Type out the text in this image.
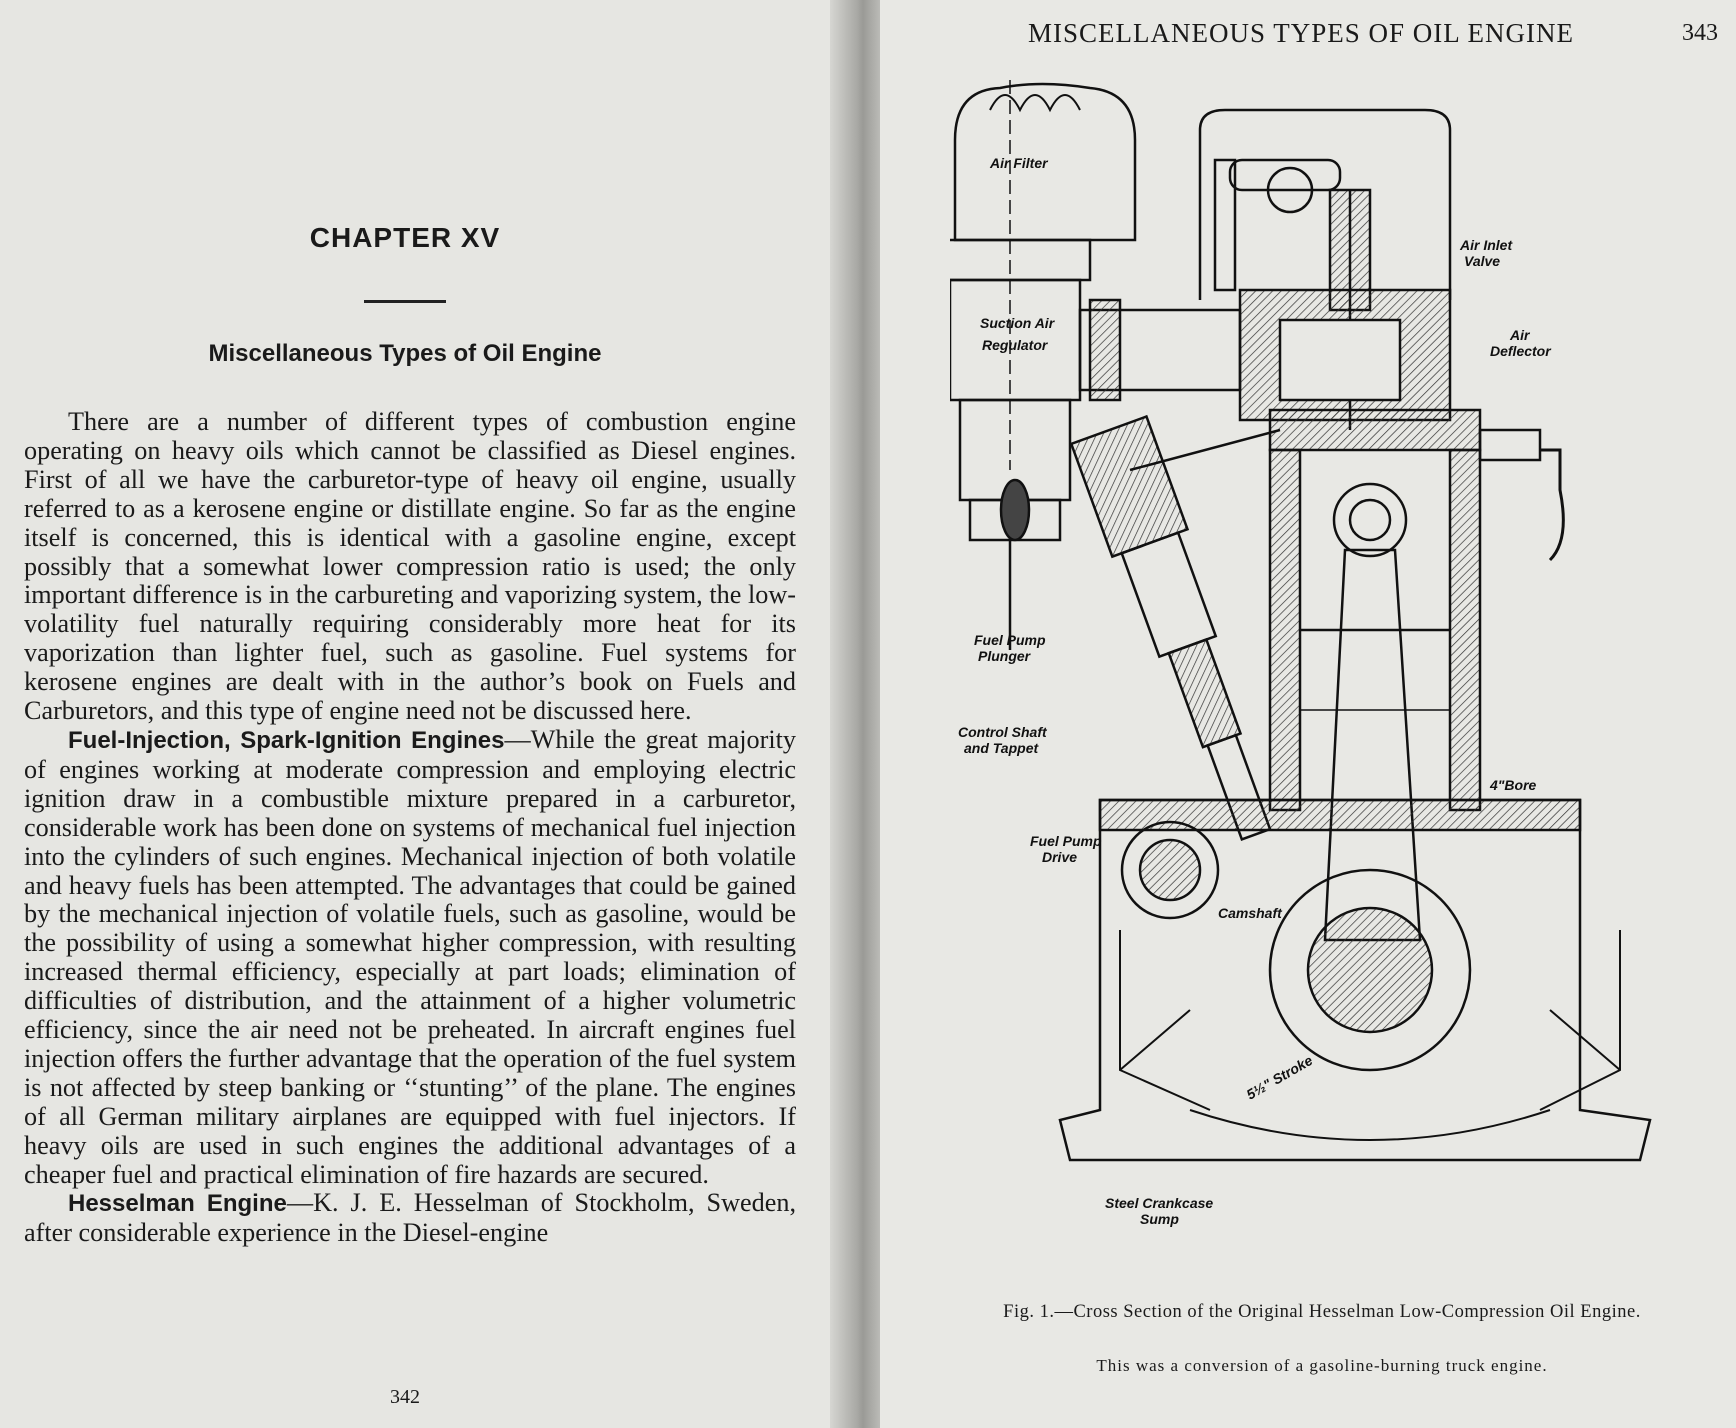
CHAPTER XV
Miscellaneous Types of Oil Engine

There are a number of different types of combustion engine operating on heavy oils which cannot be classified as Diesel engines. First of all we have the carburetor-type of heavy oil engine, usually referred to as a kerosene engine or distillate engine. So far as the engine itself is concerned, this is identical with a gasoline engine, except possibly that a somewhat lower compression ratio is used; the only important difference is in the carbureting and vaporizing system, the low-volatility fuel naturally requiring considerably more heat for its vaporization than lighter fuel, such as gasoline. Fuel systems for kerosene engines are dealt with in the author’s book on Fuels and Carburetors, and this type of engine need not be discussed here.

Fuel-Injection, Spark-Ignition Engines—While the great majority of engines working at moderate compression and employing electric ignition draw in a combustible mixture prepared in a carburetor, considerable work has been done on systems of mechanical fuel injection into the cylinders of such engines. Mechanical injection of both volatile and heavy fuels has been attempted. The advantages that could be gained by the mechanical injection of volatile fuels, such as gasoline, would be the possibility of using a somewhat higher compression, with resulting increased thermal efficiency, especially at part loads; elimination of difficulties of distribution, and the attainment of a higher volumetric efficiency, since the air need not be preheated. In aircraft engines fuel injection offers the further advantage that the operation of the fuel system is not affected by steep banking or ‘‘stunting’’ of the plane. The engines of all German military airplanes are equipped with fuel injectors. If heavy oils are used in such engines the additional advantages of a cheaper fuel and practical elimination of fire hazards are secured.

Hesselman Engine—K. J. E. Hesselman of Stockholm, Sweden, after considerable experience in the Diesel-engine

342
MISCELLANEOUS TYPES OF OIL ENGINE	343
Air Filter
Air Inlet
Valve
Suction Air
Regulator
Air
Deflector
Fuel Pump
Plunger
Control Shaft
and Tappet
4"Bore
Fuel Pump
Drive
Camshaft
5½" Stroke
Steel Crankcase
Sump
Fig. 1.—Cross Section of the Original Hesselman Low-Compression Oil Engine.
This was a conversion of a gasoline-burning truck engine.
